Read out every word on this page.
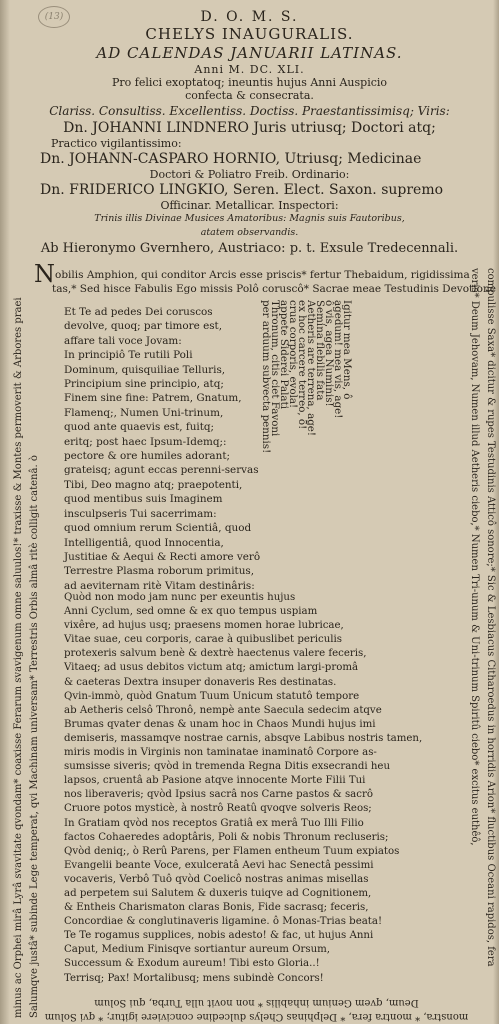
(13)	D. O. M. S.
CHELYS INAUGURALIS.
AD CALENDAS JANUARII LATINAS.
Anni M. DC. XLI.
Pro felici exoptatoq; ineuntis hujus Anni Auspicio
confecta & consecrata.
Clariss. Consultiss. Excellentiss. Doctiss. Praestantissimisq; Viris:
Dn. JOHANNI LINDNERO Juris utriusq; Doctori atq;
Practico vigilantissimo:
Dn. JOHANN-CASPARO HORNIO, Utriusq; Medicinae
Doctori & Poliatro Freib. Ordinario:
Dn. FRIDERICO LINGKIO, Seren. Elect. Saxon. supremo
Officinar. Metallicar. Inspectori:
Trinis illis Divinae Musices Amatoribus: Magnis suis Fautoribus,
atatem observandis.
Ab Hieronymo Gvernhero, Austriaco: p. t. Exsule Tredecennali.
Nobilis Amphion, qui conditor Arcis esse priscis* fertur Thebaidum, rigidissima
tas,* Sed hisce Fabulis Ego missis Polô coruscô* Sacrae meae Testudinis Devotione
Et Te ad pedes Dei coruscos
devolve, quoq; par timore est,
affare tali voce Jovam:
In principiô Te rutili Poli
Dominum, quisquiliae Telluris,
Principium sine principio, atq;
Finem sine fine: Patrem, Gnatum,
Flamenq;, Numen Uni-trinum,
quod ante quaevis est, fuitq;
eritq; post haec Ipsum-Idemq;:
pectore & ore humiles adorant;
grateisq; agunt eccas perenni-servas
Tibi, Deo magno atq; praepotenti,
quod mentibus suis Imaginem
insculpseris Tui sacerrimam:
quod omnium rerum Scientiâ, quod
Intelligentiâ, quod Innocentia,
Justitiae & Aequi & Recti amore verô
Terrestre Plasma roborum primitus,
ad aeviternam ritè Vitam destinâris:
Igitur mea Mens, ô
agedum! mea vis, age!
ô vis, agea Numinis!
Semina flebilis fata
Aetheris are terrena, age!
ex hoc carcere terreo, ô!
crua corporis, evola!
appete Siderei Palati
Thronum, citis ciet Favoni
per arduum subvecta pennis!
Quòd non modo jam nunc per exeuntis hujus
Anni Cyclum, sed omne & ex quo tempus uspiam
vixêre, ad hujus usq; praesens momen horae lubricae,
Vitae suae, ceu corporis, carae à quibuslibet periculis
protexeris salvum benè & dextrè haectenus valere feceris,
Vitaeq; ad usus debitos victum atq; amictum largi-promâ
& caeteras Dextra insuper donaveris Res destinatas.
Qvin-immò, quòd Gnatum Tuum Unicum statutô tempore
ab Aetheris celsô Thronô, nempè ante Saecula sedecim atqve
Brumas qvater denas & unam hoc in Chaos Mundi hujus imi
demiseris, massamqve nostrae carnis, absqve Labibus nostris tamen,
miris modis in Virginis non taminatae inaminatô Corpore as-
sumsisse siveris; qvòd in tremenda Regna Ditis exsecrandi heu
lapsos, cruentâ ab Pasione atqve innocente Morte Filii Tui
nos liberaveris; qvòd Ipsius sacrâ nos Carne pastos & sacrô
Cruore potos mysticè, à nostrô Reatû qvoqve solveris Reos;
In Gratiam qvòd nos receptos Gratiâ ex merâ Tuo Illi Filio
factos Cohaeredes adoptâris, Poli & nobis Thronum recluseris;
Qvòd deniq;, ò Rerû Parens, per Flamen entheum Tuum expiatos
Evangelii beante Voce, exulceratâ Aevi hac Senectâ pessimi
vocaveris, Verbô Tuô qvòd Coelicô nostras animas misellas
ad perpetem sui Salutem & duxeris tuiqve ad Cognitionem,
& Entheis Charismaton claras Bonis, Fide sacrasq; feceris,
Concordiae & conglutinaveris ligamine. ô Monas-Trias beata!
Te Te rogamus supplices, nobis adesto! & fac, ut hujus Anni
Caput, Medium Finisqve sortiantur aureum Orsum,
Successum & Exodum aureum! Tibi esto Gloria..!
Terrisq; Pax! Mortalibusq; mens subindè Concors!
minus ac Orphei mirâ Lyrâ svavitate qvondam* coaxisse Ferarum svavigenum omne saluulos!* traxisse & Montes permoverit & Arbores praei Salumqve justâ* subinde Lege temperat, qvi Machinam universam* Terrestris Orbis almâ ritè colligit catenâ. ò	compulisse Saxa* dicitur & rupes Testudinis Atticô sonore;* Sic & Lesbiacus Citharoedus in horridis Arion* fluctibus Oceani rapidos, fera
veris* Deum Jehovam, Numen illud Aetheris ciebo,* Numen Tri-unum & Uni-trinum Spiritû ciebo* excitus euthêô,
monstra, * montra fera, * Delphinas Chelys dulcedine conciviere igitur; * qvi Solum
Deum, qvem Genium inhabilis * non novit ulla Turba, qui Solum
